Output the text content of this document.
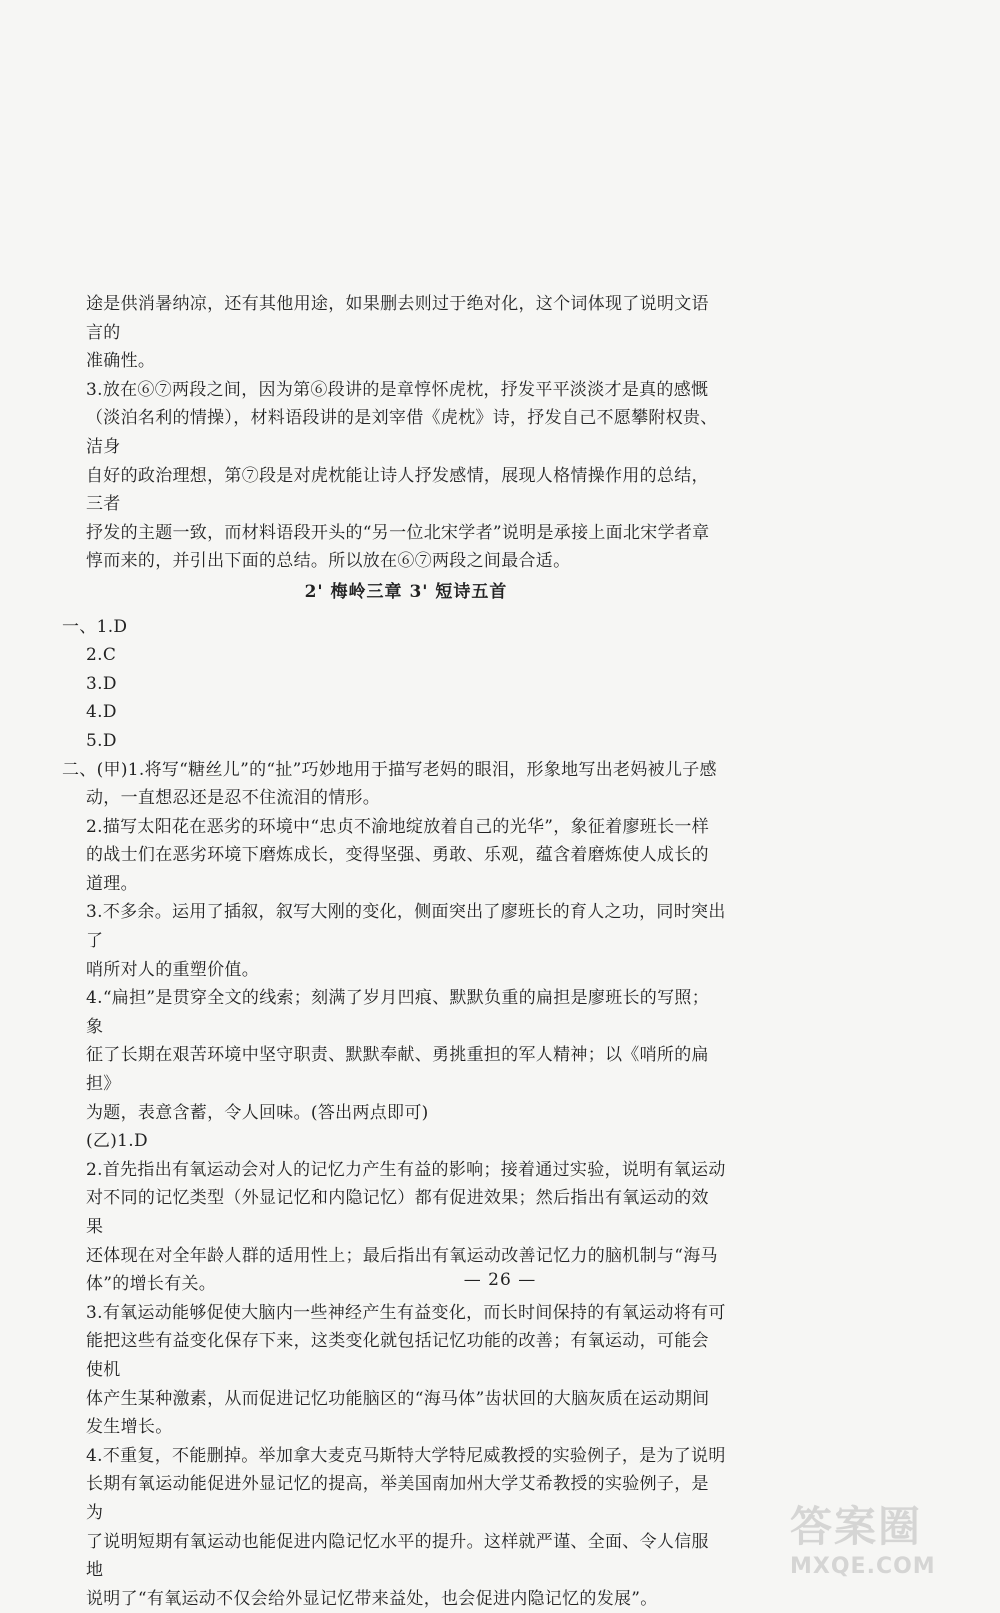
途是供消暑纳凉，还有其他用途，如果删去则过于绝对化，这个词体现了说明文语言的

准确性。

3.放在⑥⑦两段之间，因为第⑥段讲的是章惇怀虎枕，抒发平平淡淡才是真的感慨

（淡泊名利的情操），材料语段讲的是刘宰借《虎枕》诗，抒发自己不愿攀附权贵、洁身

自好的政治理想，第⑦段是对虎枕能让诗人抒发感情，展现人格情操作用的总结，三者

抒发的主题一致，而材料语段开头的“另一位北宋学者”说明是承接上面北宋学者章

惇而来的，并引出下面的总结。所以放在⑥⑦两段之间最合适。

2' 梅岭三章 3' 短诗五首

一、1.D

2.C

3.D

4.D

5.D

二、(甲)1.将写“糖丝儿”的“扯”巧妙地用于描写老妈的眼泪，形象地写出老妈被儿子感

动，一直想忍还是忍不住流泪的情形。

2.描写太阳花在恶劣的环境中“忠贞不渝地绽放着自己的光华”，象征着廖班长一样

的战士们在恶劣环境下磨炼成长，变得坚强、勇敢、乐观，蕴含着磨炼使人成长的道理。

3.不多余。运用了插叙，叙写大刚的变化，侧面突出了廖班长的育人之功，同时突出了

哨所对人的重塑价值。

4.“扁担”是贯穿全文的线索；刻满了岁月凹痕、默默负重的扁担是廖班长的写照；象

征了长期在艰苦环境中坚守职责、默默奉献、勇挑重担的军人精神；以《哨所的扁担》

为题，表意含蓄，令人回味。(答出两点即可)

(乙)1.D

2.首先指出有氧运动会对人的记忆力产生有益的影响；接着通过实验，说明有氧运动

对不同的记忆类型（外显记忆和内隐记忆）都有促进效果；然后指出有氧运动的效果

还体现在对全年龄人群的适用性上；最后指出有氧运动改善记忆力的脑机制与“海马

体”的增长有关。

3.有氧运动能够促使大脑内一些神经产生有益变化，而长时间保持的有氧运动将有可

能把这些有益变化保存下来，这类变化就包括记忆功能的改善；有氧运动，可能会使机

体产生某种激素，从而促进记忆功能脑区的“海马体”齿状回的大脑灰质在运动期间

发生增长。

4.不重复，不能删掉。举加拿大麦克马斯特大学特尼威教授的实验例子，是为了说明

长期有氧运动能促进外显记忆的提高，举美国南加州大学艾希教授的实验例子，是为

了说明短期有氧运动也能促进内隐记忆水平的提升。这样就严谨、全面、令人信服地

说明了“有氧运动不仅会给外显记忆带来益处，也会促进内隐记忆的发展”。

— 26 —
答案圈
MXQE.COM
